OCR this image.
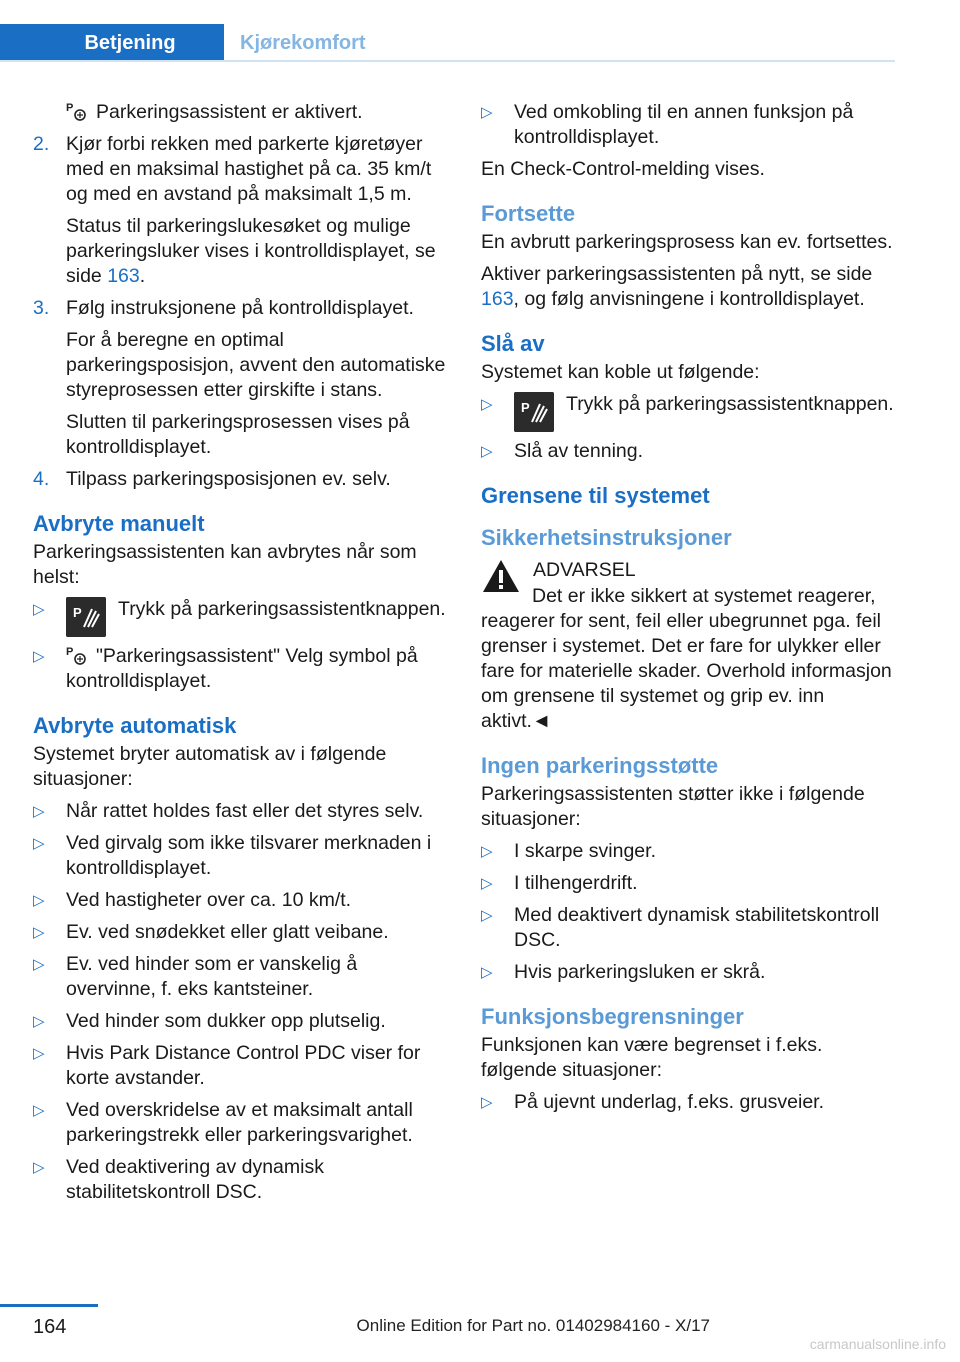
Betjening	Kjørekomfort

P Parkeringsassistent er aktivert.

2. Kjør forbi rekken med parkerte kjøretøyer med en maksimal hastighet på ca. 35 km/t og med en avstand på maksimalt 1,5 m.

Status til parkeringslukesøket og mulige parkeringsluker vises i kontrolldisplayet, se side 163.

3. Følg instruksjonene på kontrolldisplayet.

For å beregne en optimal parkeringsposisjon, avvent den automatiske styreprosessen etter girskifte i stans.

Slutten til parkeringsprosessen vises på kontrolldisplayet.

4. Tilpass parkeringsposisjonen ev. selv.

Avbryte manuelt

Parkeringsassistenten kan avbrytes når som helst:

▷	P Trykk på parkeringsassistentknappen.
▷	P "Parkeringsassistent" Velg symbol på kontrolldisplayet.
Avbryte automatisk

Systemet bryter automatisk av i følgende situasjoner:

▷	Når rattet holdes fast eller det styres selv.
▷	Ved girvalg som ikke tilsvarer merknaden i kontrolldisplayet.
▷	Ved hastigheter over ca. 10 km/t.
▷	Ev. ved snødekket eller glatt veibane.
▷	Ev. ved hinder som er vanskelig å overvinne, f. eks kantsteiner.
▷	Ved hinder som dukker opp plutselig.
▷	Hvis Park Distance Control PDC viser for korte avstander.
▷	Ved overskridelse av et maksimalt antall parkeringstrekk eller parkeringsvarighet.
▷	Ved deaktivering av dynamisk stabilitetskontroll DSC.
▷	Ved omkobling til en annen funksjon på kontrolldisplayet.

En Check-Control-melding vises.

Fortsette

En avbrutt parkeringsprosess kan ev. fortsettes.

Aktiver parkeringsassistenten på nytt, se side 163, og følg anvisningene i kontrolldisplayet.

Slå av

Systemet kan koble ut følgende:

▷	P Trykk på parkeringsassistentknappen.
▷	Slå av tenning.
Grensene til systemet
Sikkerhetsinstruksjoner
ADVARSEL

Det er ikke sikkert at systemet reagerer, reagerer for sent, feil eller ubegrunnet pga. feil grenser i systemet. Det er fare for ulykker eller fare for materielle skader. Overhold informasjon om grensene til systemet og grip ev. inn aktivt.◄

Ingen parkeringsstøtte

Parkeringsassistenten støtter ikke i følgende situasjoner:

▷	I skarpe svinger.
▷	I tilhengerdrift.
▷	Med deaktivert dynamisk stabilitetskontroll DSC.
▷	Hvis parkeringsluken er skrå.
Funksjonsbegrensninger

Funksjonen kan være begrenset i f.eks. følgende situasjoner:

▷	På ujevnt underlag, f.eks. grusveier.
164	Online Edition for Part no. 01402984160 - X/17
carmanualsonline.info
